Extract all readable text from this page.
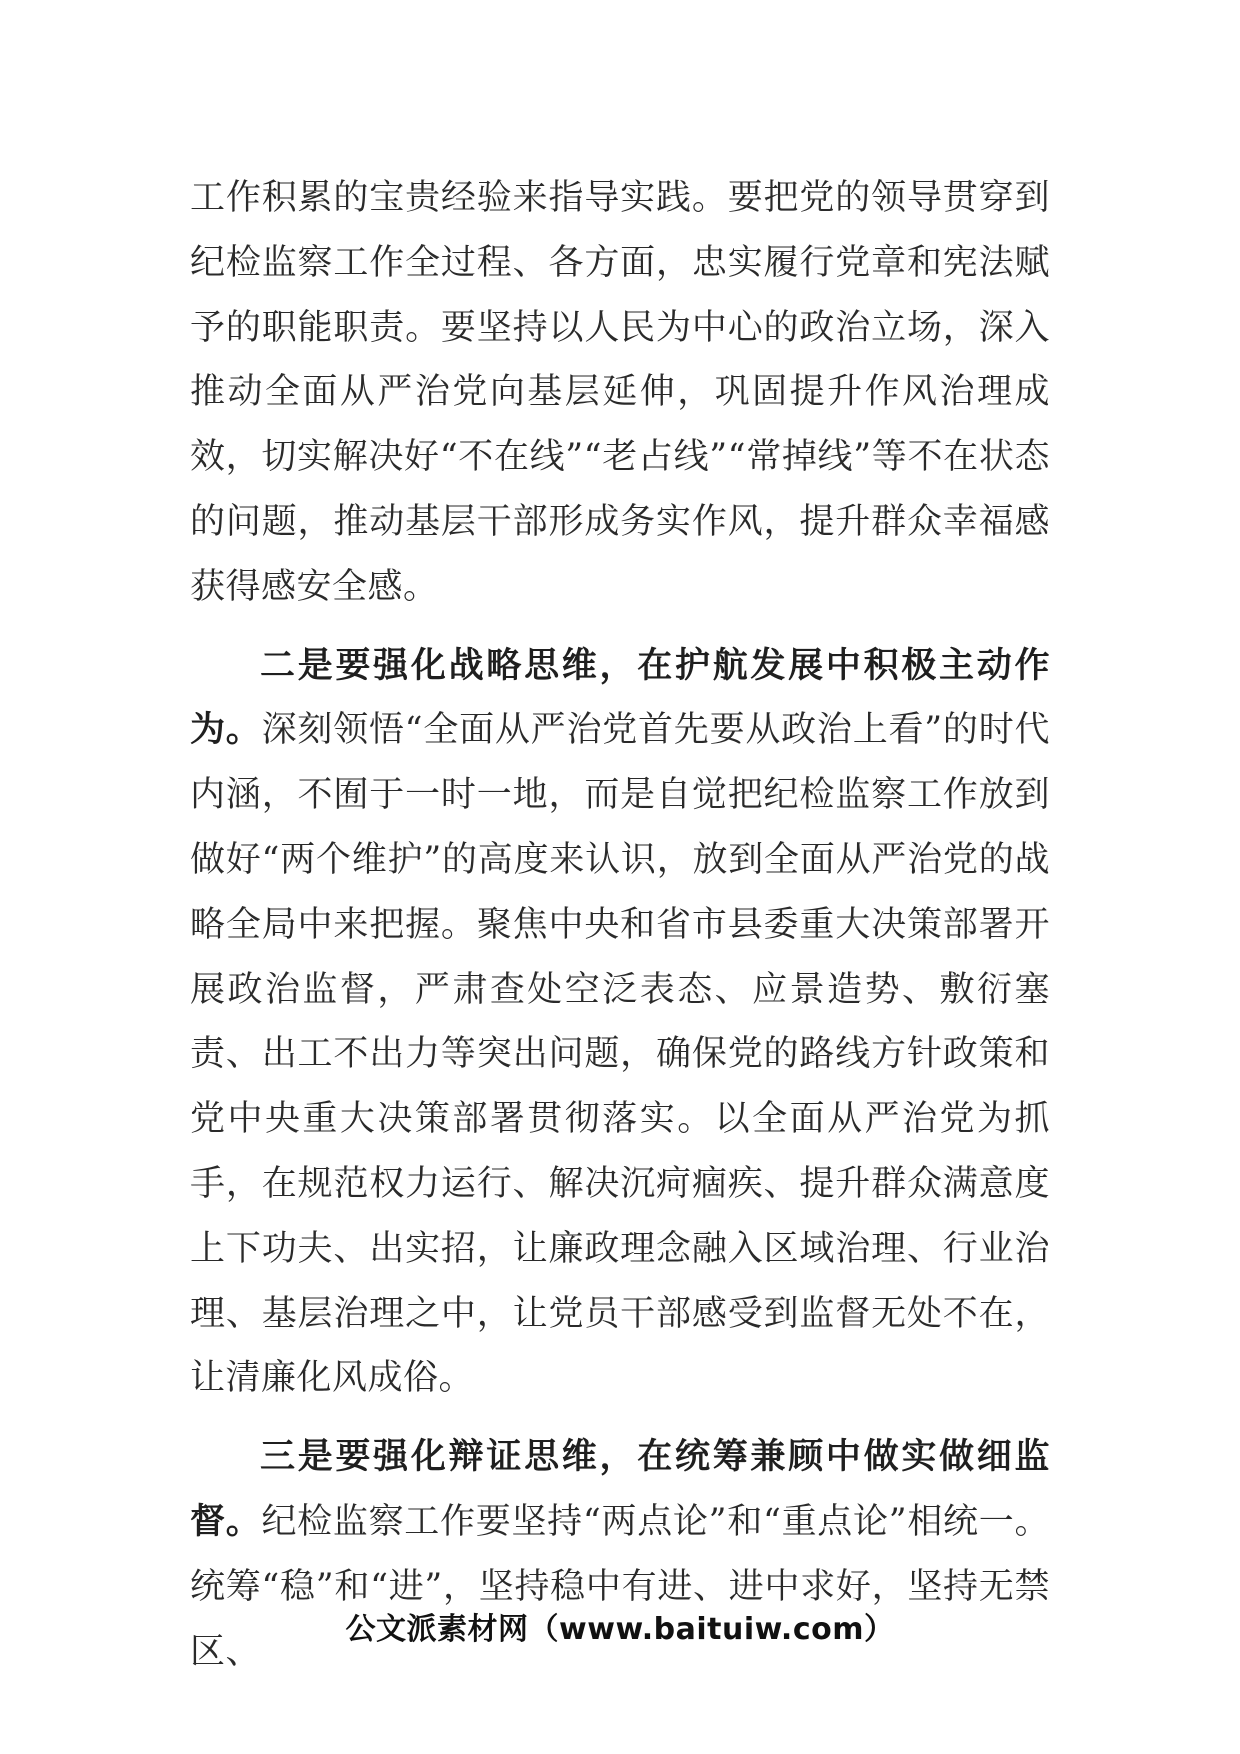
工作积累的宝贵经验来指导实践。要把党的领导贯穿到纪检监察工作全过程、各方面，忠实履行党章和宪法赋予的职能职责。要坚持以人民为中心的政治立场，深入推动全面从严治党向基层延伸，巩固提升作风治理成效，切实解决好“不在线”“老占线”“常掉线”等不在状态的问题，推动基层干部形成务实作风，提升群众幸福感获得感安全感。

二是要强化战略思维，在护航发展中积极主动作为。深刻领悟“全面从严治党首先要从政治上看”的时代内涵，不囿于一时一地，而是自觉把纪检监察工作放到做好“两个维护”的高度来认识，放到全面从严治党的战略全局中来把握。聚焦中央和省市县委重大决策部署开展政治监督，严肃查处空泛表态、应景造势、敷衍塞责、出工不出力等突出问题，确保党的路线方针政策和党中央重大决策部署贯彻落实。以全面从严治党为抓手，在规范权力运行、解决沉疴痼疾、提升群众满意度上下功夫、出实招，让廉政理念融入区域治理、行业治理、基层治理之中，让党员干部感受到监督无处不在，让清廉化风成俗。

三是要强化辩证思维，在统筹兼顾中做实做细监督。纪检监察工作要坚持“两点论”和“重点论”相统一。统筹“稳”和“进”，坚持稳中有进、进中求好，坚持无禁区、

公文派素材网（www.baituiw.com）
